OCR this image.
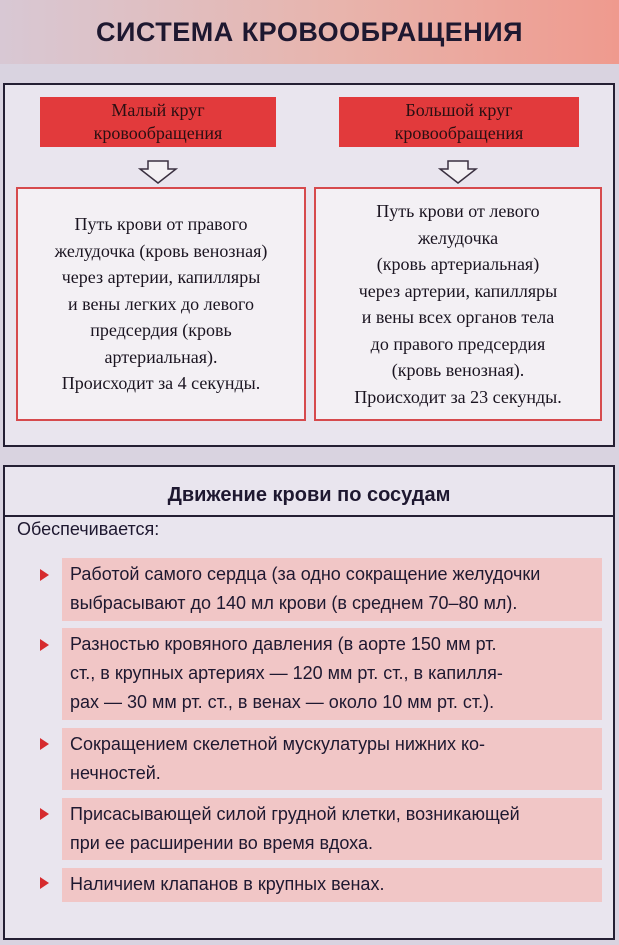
СИСТЕМА КРОВООБРАЩЕНИЯ
Малый круг
кровообращения
Большой круг
кровообращения
Путь крови от правого
желудочка (кровь венозная)
через артерии, капилляры
и вены легких до левого
предсердия (кровь
артериальная).
Происходит за 4 секунды.
Путь крови от левого
желудочка
(кровь артериальная)
через артерии, капилляры
и вены всех органов тела
до правого предсердия
(кровь венозная).
Происходит за 23 секунды.
Движение крови по сосудам
Обеспечивается:
Работой самого сердца (за одно сокращение желудочки
выбрасывают до 140 мл крови (в среднем 70–80 мл).
Разностью кровяного давления (в аорте 150 мм рт.
ст., в крупных артериях — 120 мм рт. ст., в капилля-
рах — 30 мм рт. ст., в венах — около 10 мм рт. ст.).
Сокращением скелетной мускулатуры нижних ко-
нечностей.
Присасывающей силой грудной клетки, возникающей
при ее расширении во время вдоха.
Наличием клапанов в крупных венах.
